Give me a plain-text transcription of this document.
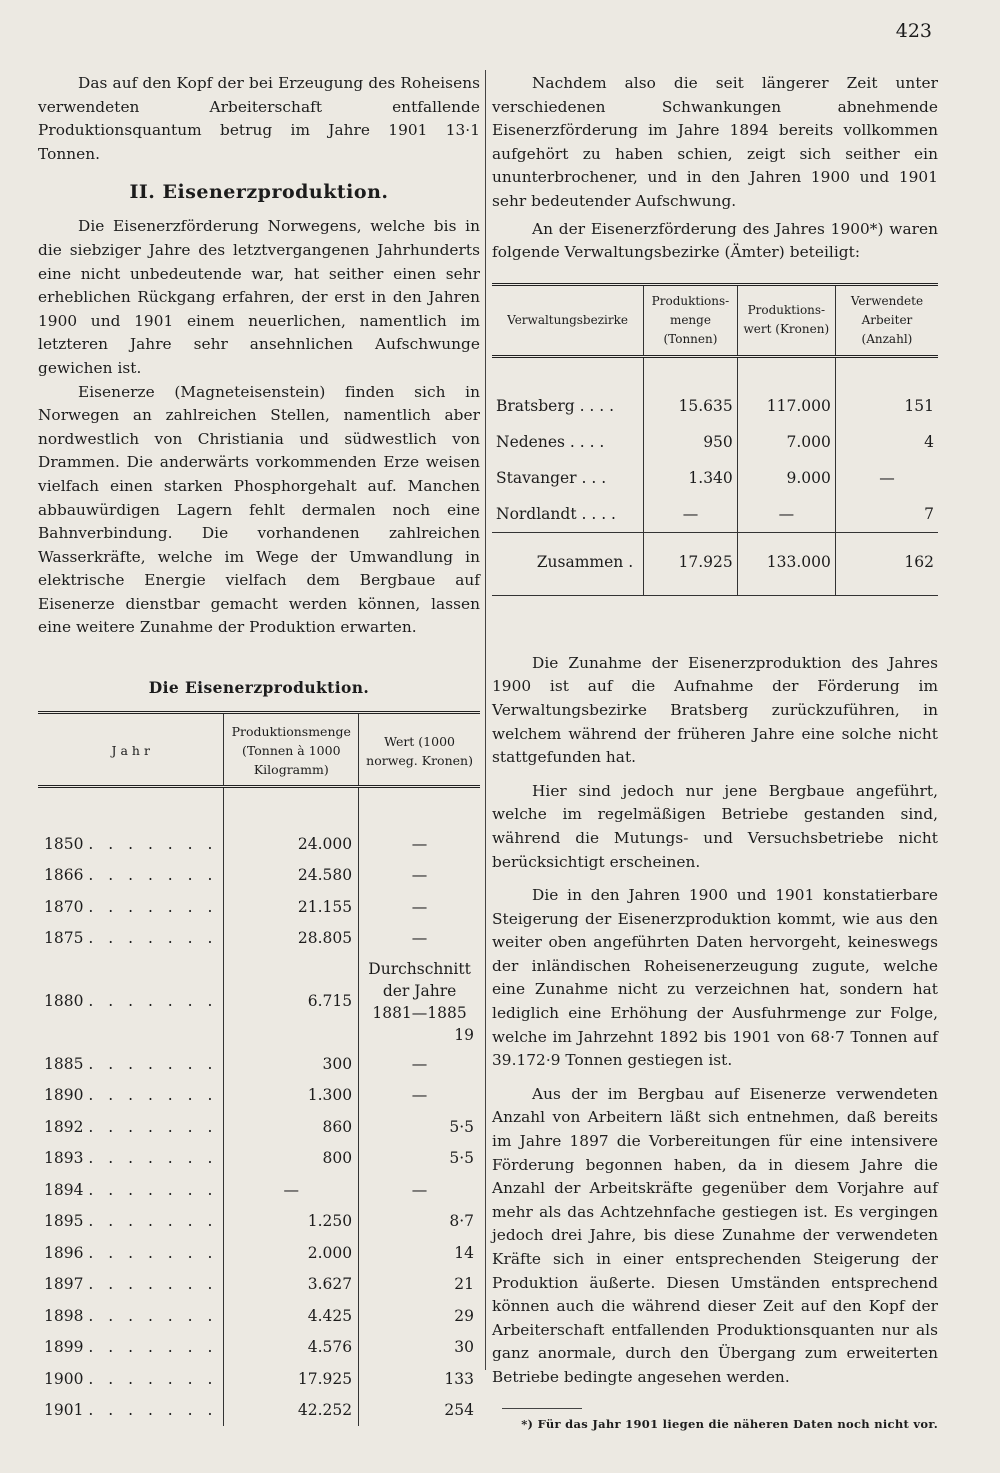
423

Das auf den Kopf der bei Erzeugung des Roheisens verwendeten Arbeiterschaft entfallende Produktionsquantum betrug im Jahre 1901 13·1 Tonnen.

II. Eisenerzproduktion.

Die Eisenerzförderung Norwegens, welche bis in die siebziger Jahre des letztvergangenen Jahrhunderts eine nicht unbedeutende war, hat seither einen sehr erheblichen Rückgang erfahren, der erst in den Jahren 1900 und 1901 einem neuerlichen, namentlich im letzteren Jahre sehr ansehnlichen Aufschwunge gewichen ist.

Eisenerze (Magneteisenstein) finden sich in Norwegen an zahlreichen Stellen, namentlich aber nordwestlich von Christiania und südwestlich von Drammen. Die anderwärts vorkommenden Erze weisen vielfach einen starken Phosphorgehalt auf. Manchen abbauwürdigen Lagern fehlt dermalen noch eine Bahnverbindung. Die vorhandenen zahlreichen Wasserkräfte, welche im Wege der Umwandlung in elektrische Energie vielfach dem Bergbaue auf Eisenerze dienstbar gemacht werden können, lassen eine weitere Zunahme der Produktion erwarten.

Die Eisenerzproduktion.
J a h r	Produktionsmenge (Tonnen à 1000 Kilogramm)	Wert (1000 norweg. Kronen)
1850 . . . . . . .	24.000	—
1866 . . . . . . .	24.580	—
1870 . . . . . . .	21.155	—
1875 . . . . . . .	28.805	—
1880 . . . . . . .	6.715	Durchschnitt
der Jahre
1881—1885
19

1885 . . . . . . .	300	—
1890 . . . . . . .	1.300	—
1892 . . . . . . .	860	5·5
1893 . . . . . . .	800	5·5
1894 . . . . . . .	—	—
1895 . . . . . . .	1.250	8·7
1896 . . . . . . .	2.000	14
1897 . . . . . . .	3.627	21
1898 . . . . . . .	4.425	29
1899 . . . . . . .	4.576	30
1900 . . . . . . .	17.925	133
1901 . . . . . . .	42.252	254

Nachdem also die seit längerer Zeit unter verschiedenen Schwankungen abnehmende Eisenerzförderung im Jahre 1894 bereits vollkommen aufgehört zu haben schien, zeigt sich seither ein ununterbrochener, und in den Jahren 1900 und 1901 sehr bedeutender Aufschwung.

An der Eisenerzförderung des Jahres 1900*) waren folgende Verwaltungsbezirke (Ämter) beteiligt:

Verwaltungsbezirke	Produktions-menge (Tonnen)	Produktions-wert (Kronen)	Verwendete Arbeiter (Anzahl)
Bratsberg . . . .	15.635	117.000	151
Nedenes . . . .	950	7.000	4
Stavanger . . .	1.340	9.000	—
Nordlandt . . . .	—	—	7
Zusammen .	17.925	133.000	162

Die Zunahme der Eisenerzproduktion des Jahres 1900 ist auf die Aufnahme der Förderung im Verwaltungsbezirke Bratsberg zurückzuführen, in welchem während der früheren Jahre eine solche nicht stattgefunden hat.

Hier sind jedoch nur jene Bergbaue angeführt, welche im regelmäßigen Betriebe gestanden sind, während die Mutungs- und Versuchsbetriebe nicht berücksichtigt erscheinen.

Die in den Jahren 1900 und 1901 konstatierbare Steigerung der Eisenerzproduktion kommt, wie aus den weiter oben angeführten Daten hervorgeht, keineswegs der inländischen Roheisenerzeugung zugute, welche eine Zunahme nicht zu verzeichnen hat, sondern hat lediglich eine Erhöhung der Ausfuhrmenge zur Folge, welche im Jahrzehnt 1892 bis 1901 von 68·7 Tonnen auf 39.172·9 Tonnen gestiegen ist.

Aus der im Bergbau auf Eisenerze verwendeten Anzahl von Arbeitern läßt sich entnehmen, daß bereits im Jahre 1897 die Vorbereitungen für eine intensivere Förderung begonnen haben, da in diesem Jahre die Anzahl der Arbeitskräfte gegenüber dem Vorjahre auf mehr als das Achtzehnfache gestiegen ist. Es vergingen jedoch drei Jahre, bis diese Zunahme der verwendeten Kräfte sich in einer entsprechenden Steigerung der Produktion äußerte. Diesen Umständen entsprechend können auch die während dieser Zeit auf den Kopf der Arbeiterschaft entfallenden Produktionsquanten nur als ganz anormale, durch den Übergang zum erweiterten Betriebe bedingte angesehen werden.

*) Für das Jahr 1901 liegen die näheren Daten noch nicht vor.
